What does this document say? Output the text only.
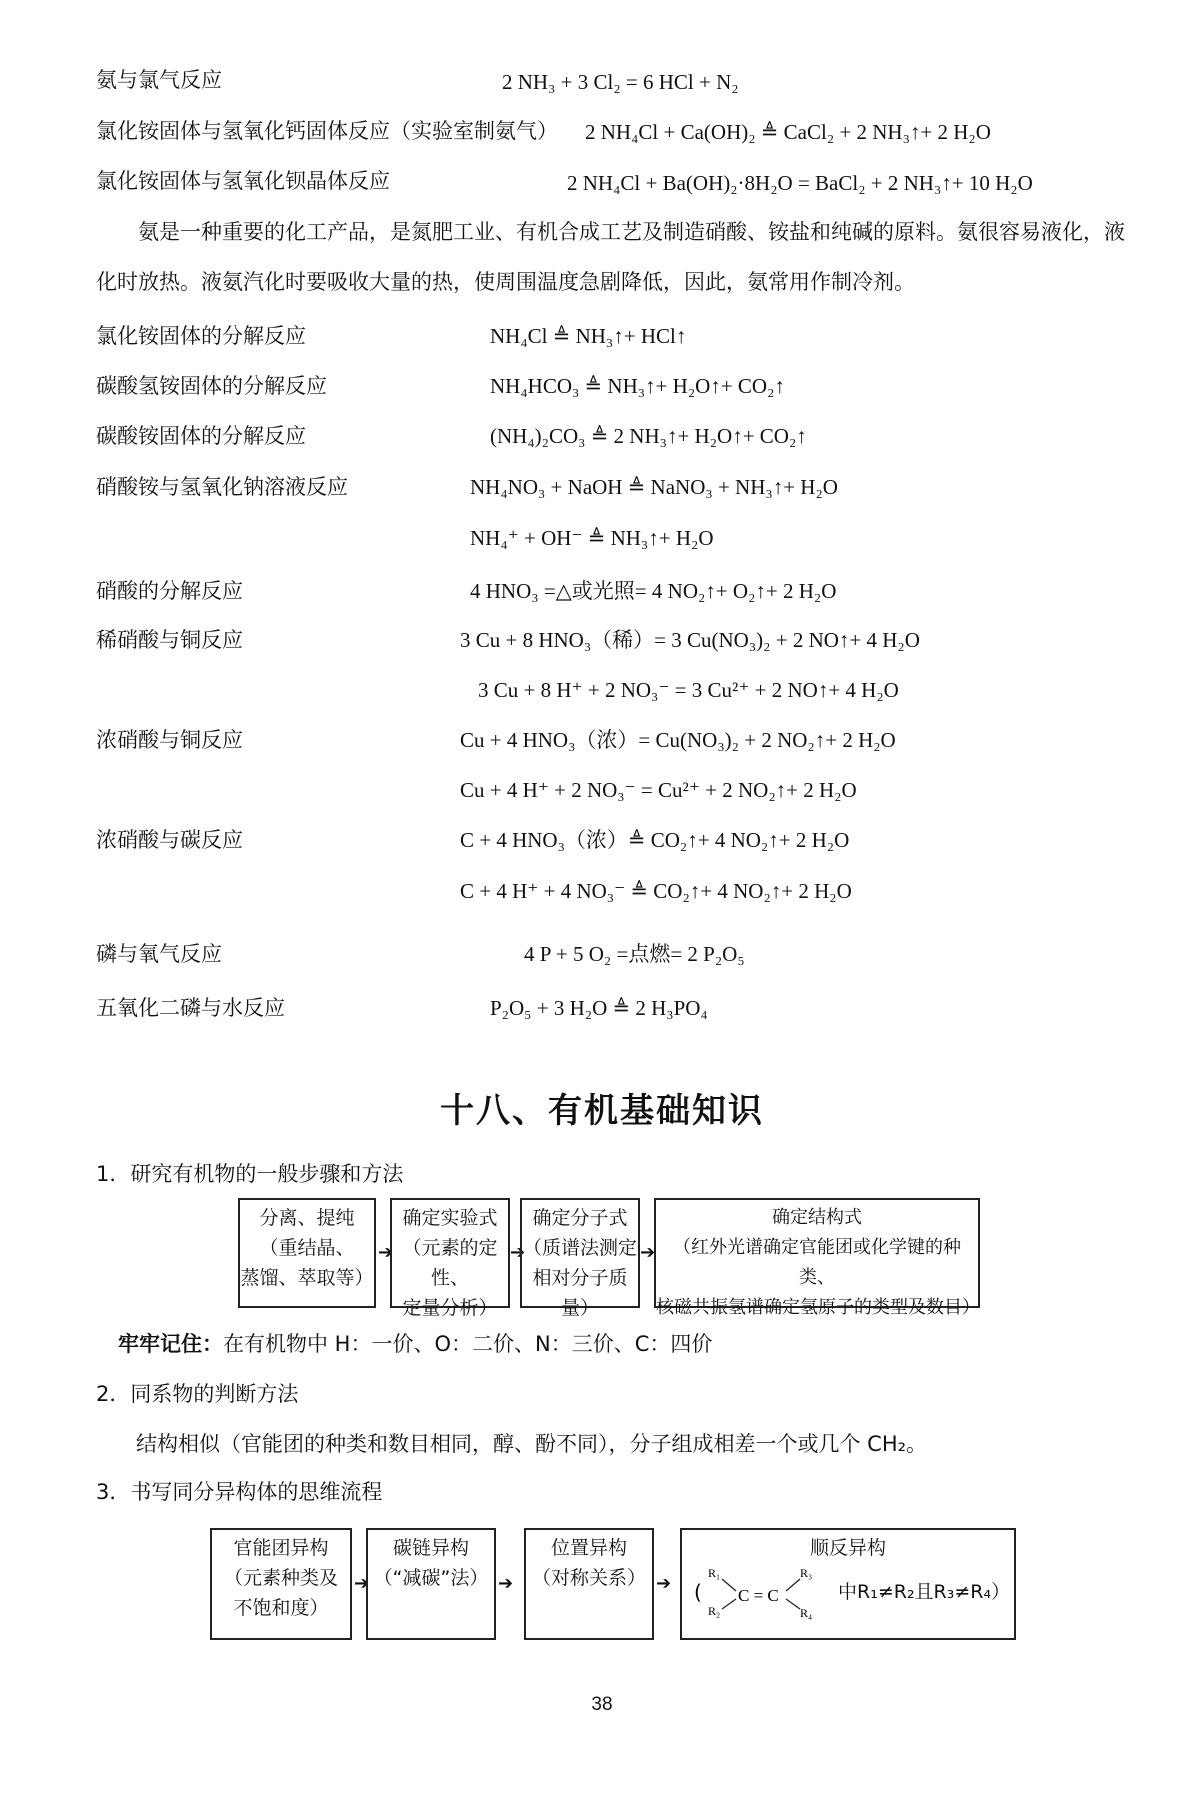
氨与氯气反应	2 NH₃ + 3 Cl₂ = 6 HCl + N₂
氯化铵固体与氢氧化钙固体反应（实验室制氨气） 2 NH₄Cl + Ca(OH)₂ ≜ CaCl₂ + 2 NH₃↑+ 2 H₂O
氯化铵固体与氢氧化钡晶体反应	2 NH₄Cl + Ba(OH)₂·8H₂O = BaCl₂ + 2 NH₃↑+ 10 H₂O
氨是一种重要的化工产品，是氮肥工业、有机合成工艺及制造硝酸、铵盐和纯碱的原料。氨很容易液化，液化时放热。液氨汽化时要吸收大量的热，使周围温度急剧降低，因此，氨常用作制冷剂。
氯化铵固体的分解反应	NH₄Cl ≜ NH₃↑+ HCl↑
碳酸氢铵固体的分解反应	NH₄HCO₃ ≜ NH₃↑+ H₂O↑+ CO₂↑
碳酸铵固体的分解反应	(NH₄)₂CO₃ ≜ 2 NH₃↑+ H₂O↑+ CO₂↑
硝酸铵与氢氧化钠溶液反应	NH₄NO₃ + NaOH ≜ NaNO₃ + NH₃↑+ H₂O
NH₄⁺ + OH⁻ ≜ NH₃↑+ H₂O
硝酸的分解反应	4 HNO₃ =△或光照= 4 NO₂↑+ O₂↑+ 2 H₂O
稀硝酸与铜反应	3 Cu + 8 HNO₃（稀）= 3 Cu(NO₃)₂ + 2 NO↑+ 4 H₂O
3 Cu + 8 H⁺ + 2 NO₃⁻ = 3 Cu²⁺ + 2 NO↑+ 4 H₂O
浓硝酸与铜反应	Cu + 4 HNO₃（浓）= Cu(NO₃)₂ + 2 NO₂↑+ 2 H₂O
Cu + 4 H⁺ + 2 NO₃⁻ = Cu²⁺ + 2 NO₂↑+ 2 H₂O
浓硝酸与碳反应	C + 4 HNO₃（浓）≜ CO₂↑+ 4 NO₂↑+ 2 H₂O
C + 4 H⁺ + 4 NO₃⁻ ≜ CO₂↑+ 4 NO₂↑+ 2 H₂O
磷与氧气反应	4 P + 5 O₂ =点燃= 2 P₂O₅
五氧化二磷与水反应	P₂O₅ + 3 H₂O ≜ 2 H₃PO₄
十八、有机基础知识
1．研究有机物的一般步骤和方法
分离、提纯
（重结晶、
蒸馏、萃取等）
➔
确定实验式
（元素的定性、
定量分析）
➔
确定分子式
（质谱法测定
相对分子质量）
➔
确定结构式
（红外光谱确定官能团或化学键的种类、
核磁共振氢谱确定氢原子的类型及数目）
牢牢记住：在有机物中 H：一价、O：二价、N：三价、C：四价
2．同系物的判断方法
结构相似（官能团的种类和数目相同，醇、酚不同），分子组成相差一个或几个 CH₂。
3．书写同分异构体的思维流程
官能团异构
（元素种类及
不饱和度）
➔
碳链异构
（“减碳”法） ➔
位置异构
（对称关系） ➔
顺反异构
(
R₁
R₂
C = C
R₃
R₄
中R₁≠R₂且R₃≠R₄）
38
